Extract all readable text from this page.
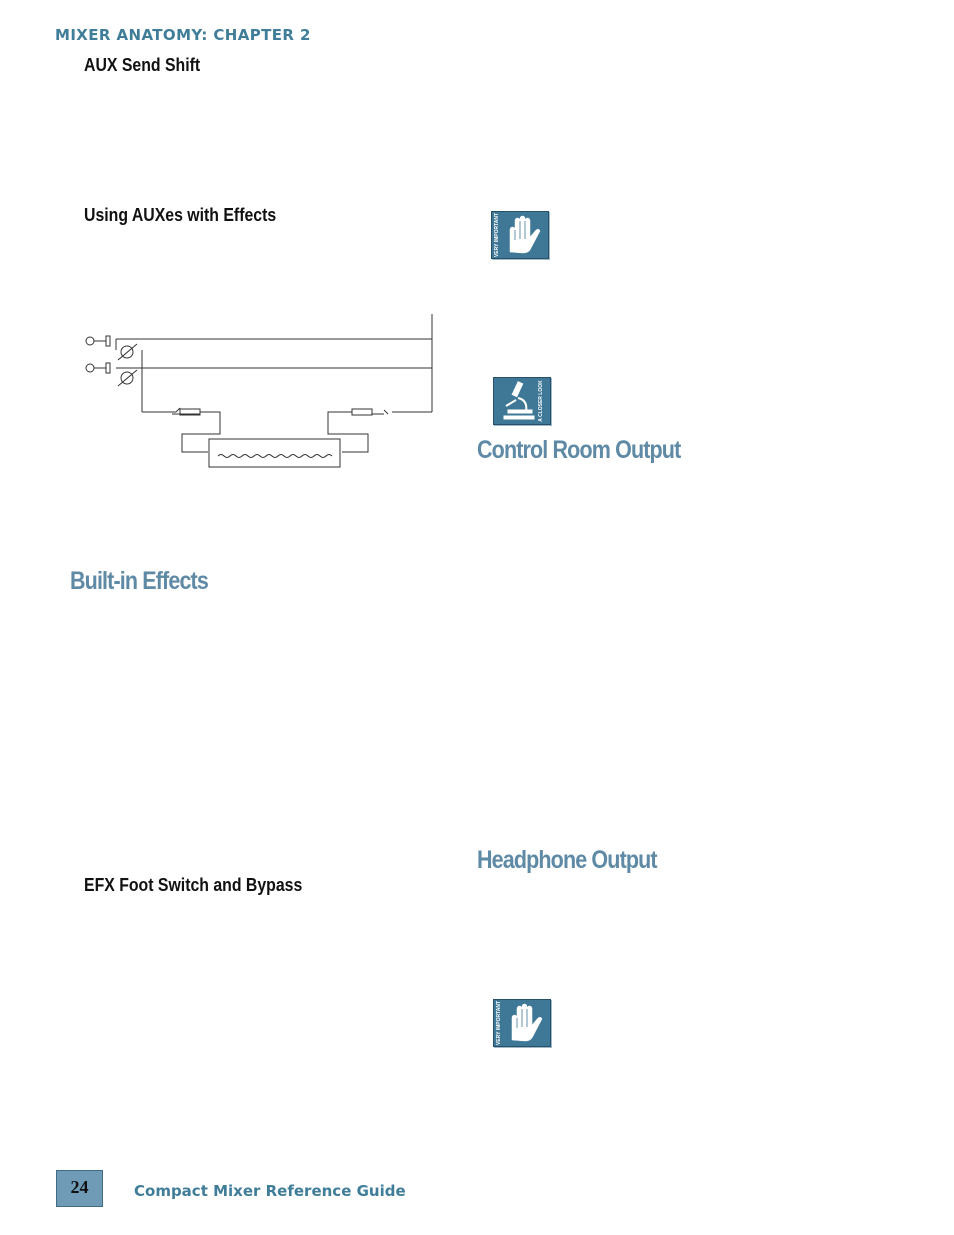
MIXER ANATOMY: CHAPTER 2
AUX Send Shift
Using AUXes with Effects
EFX Foot Switch and Bypass
Built-in Effects
Control Room Output
Headphone Output
VERY IMPORTANT
A CLOSER LOOK
VERY IMPORTANT
24	Compact Mixer Reference Guide
